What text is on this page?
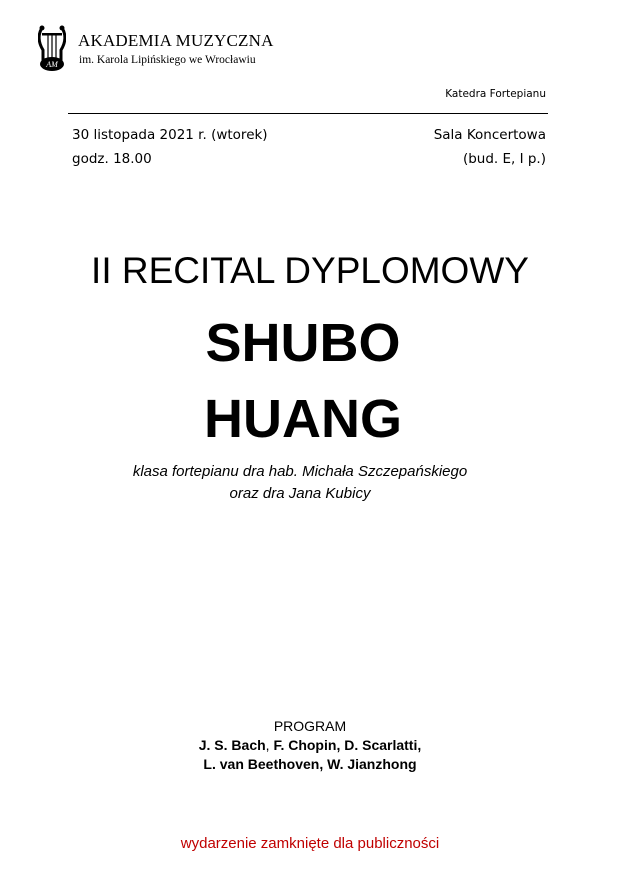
AM
AKADEMIA MUZYCZNA
im. Karola Lipińskiego we Wrocławiu
Katedra Fortepianu
30 listopada 2021 r. (wtorek)
godz. 18.00
Sala Koncertowa
(bud. E, I p.)
II RECITAL DYPLOMOWY
SHUBO
HUANG
klasa fortepianu dra hab. Michała Szczepańskiego
oraz dra Jana Kubicy
PROGRAM
J. S. Bach, F. Chopin, D. Scarlatti,
L. van Beethoven, W. Jianzhong
wydarzenie zamknięte dla publiczności
